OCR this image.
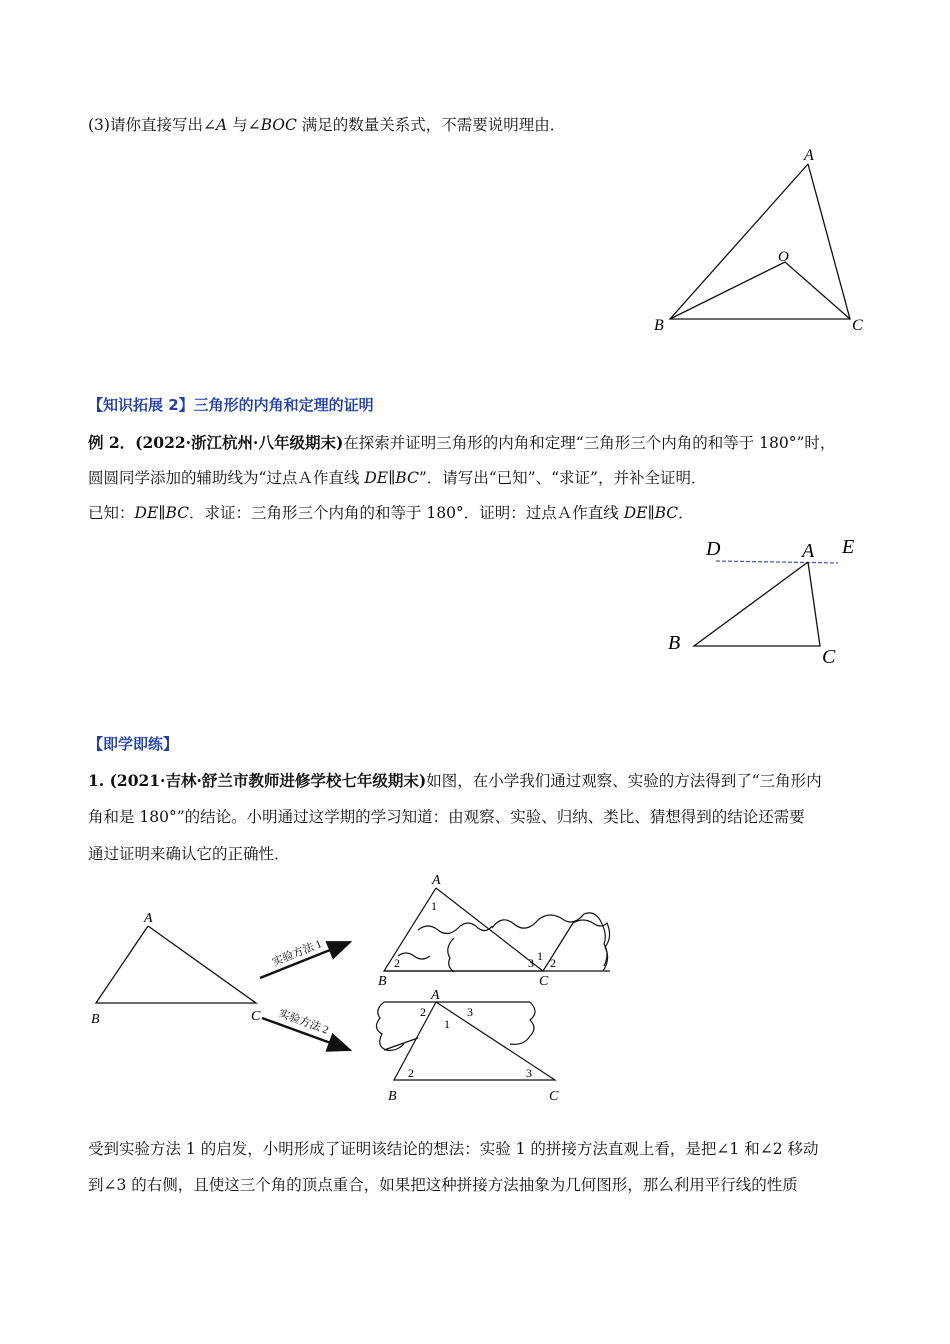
(3)请你直接写出∠A 与∠BOC 满足的数量关系式，不需要说明理由．
A
O
B	C
【知识拓展 2】三角形的内角和定理的证明
例 2．(2022·浙江杭州·八年级期末)在探索并证明三角形的内角和定理“三角形三个内角的和等于 180°”时，
圆圆同学添加的辅助线为“过点Ａ作直线 DE∥BC”．请写出“已知”、“求证”，并补全证明．
已知：DE∥BC．求证：三角形三个内角的和等于 180°．证明：过点Ａ作直线 DE∥BC．
D	A E
B
C
【即学即练】
1. (2021·吉林·舒兰市教师进修学校七年级期末)如图，在小学我们通过观察、实验的方法得到了“三角形内
角和是 180°”的结论。小明通过这学期的学习知道：由观察、实验、归纳、类比、猜想得到的结论还需要
通过证明来确认它的正确性．
A
B	C
实验方法 1
实验方法 2
A
1
2	3 1 2
B	C
A
2
1
3
2	3
B	C
受到实验方法 1 的启发，小明形成了证明该结论的想法：实验 1 的拼接方法直观上看，是把∠1 和∠2 移动
到∠3 的右侧，且使这三个角的顶点重合，如果把这种拼接方法抽象为几何图形，那么利用平行线的性质
